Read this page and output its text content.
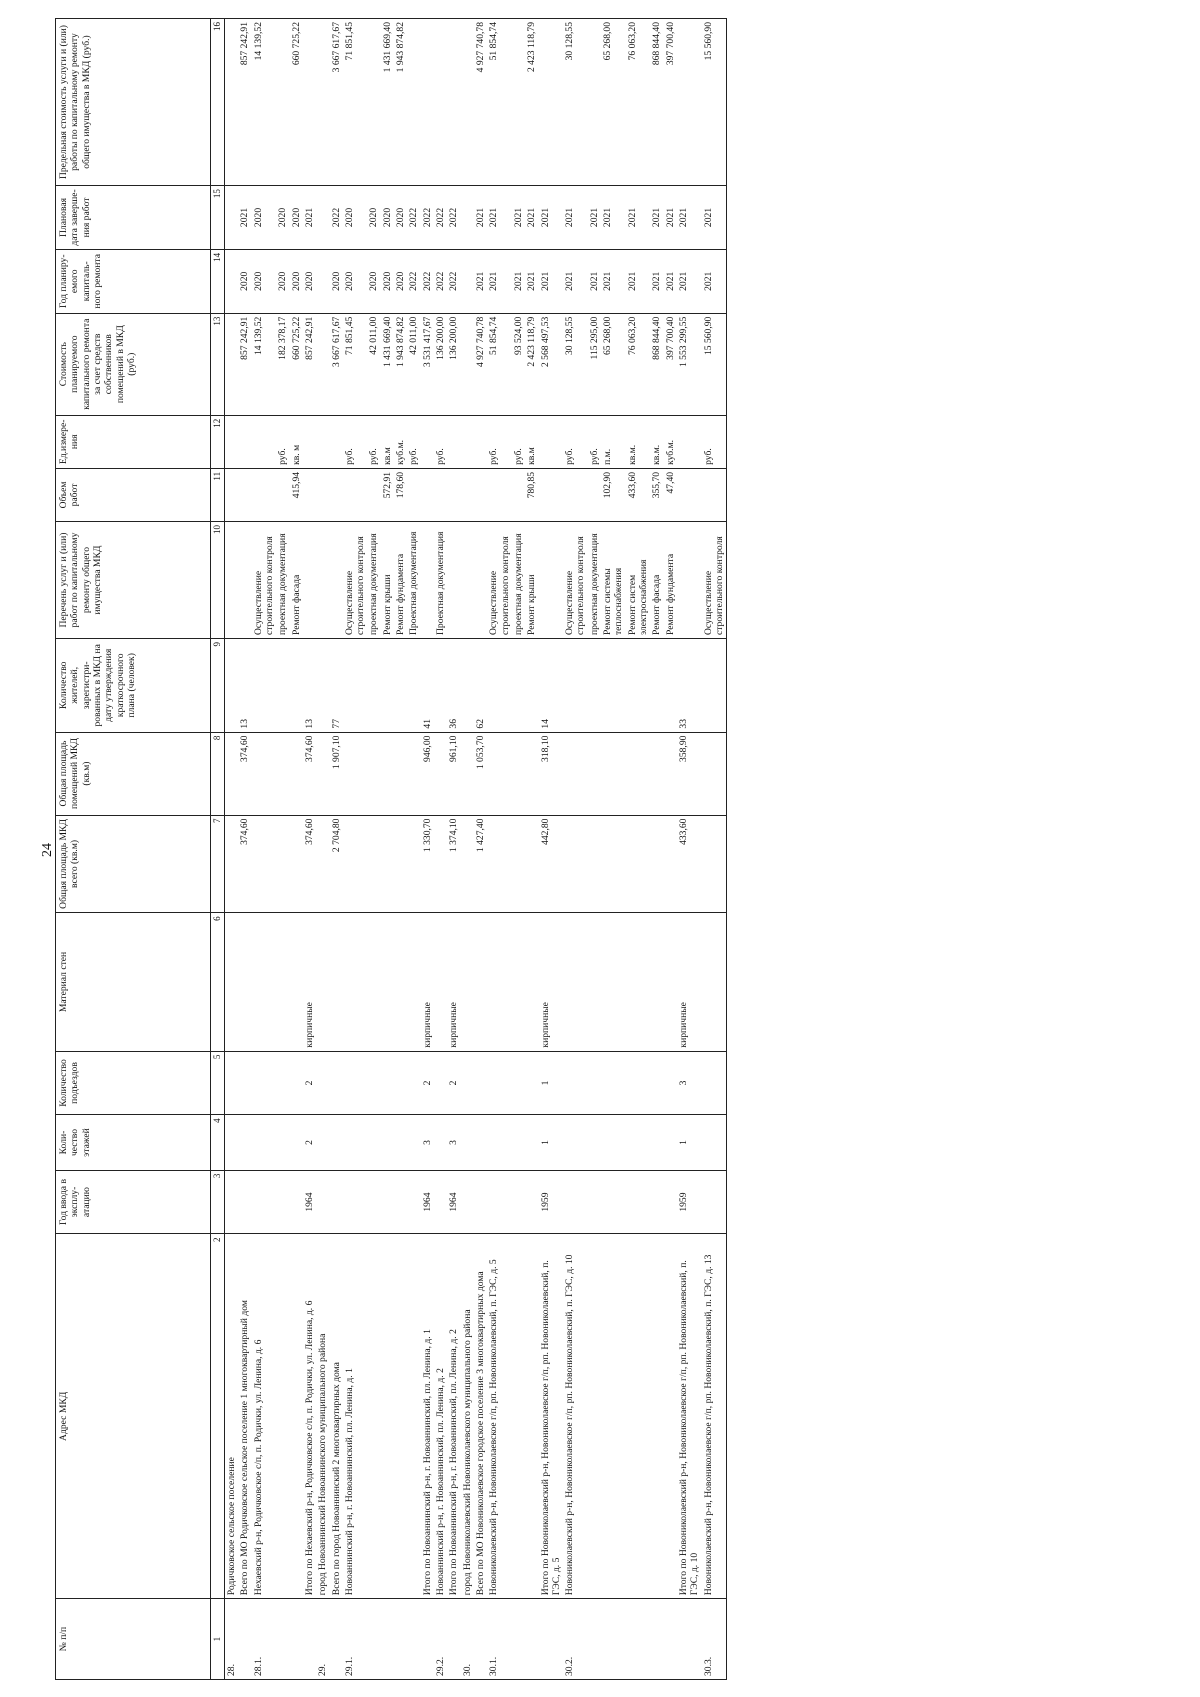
24
№ п/п	Адрес МКД	Год ввода в эксплу- атацию	Коли- чество этажей	Количество подъездов	Материал стен	Общая площадь МКД всего (кв.м)	Общая площадь помещений МКД (кв.м)	Количество жителей, зарегистри- рованных в МКД на дату утверждения краткосрочного плана (человек)	Перечень услуг и (или) работ по капитальному ремонту общего имущества МКД	Объем работ	Ед.измере- ния	Стоимость планируемого капитального ремонта за счет средств собственников помещений в МКД (руб.)	Год планиру- емого капиталь- ного ремонта	Плановая дата заверше- ния работ	Предельная стоимость услуги и (или) работы по капитальному ремонту общего имущества в МКД (руб.)
1	2	3	4	5	6	7	8	9	10	11	12	13	14	15	16
28.	Родичковское сельское поселение														
	Всего по МО Родичковское сельское поселение 1 многоквартирный дом					374,60	374,60	13				857 242,91	2020	2021	857 242,91
28.1.	Нехаевский р-н, Родичковское с/п, п. Родички, ул. Ленина, д. 6								Осуществление строительного контроля			14 139,52	2020	2020	14 139,52
									проектная документация		руб.	182 378,17	2020	2020	
									Ремонт фасада	415,94	кв. м	660 725,22	2020	2020	660 725,22
	Итого по Нехаевский р-н, Родичковское с/п, п. Родички, ул. Ленина, д. 6	1964	2	2	кирпичные	374,60	374,60	13				857 242,91	2020	2021	
29.	город Новоаннинский Новоаннинского муниципального района														
	Всего по город Новоаннинский 2 многоквартирных дома					2 704,80	1 907,10	77				3 667 617,67	2020	2022	3 667 617,67
29.1.	Новоаннинский р-н, г. Новоаннинский, пл. Ленина, д. 1								Осуществление строительного контроля		руб.	71 851,45	2020	2020	71 851,45
									проектная документация		руб.	42 011,00	2020	2020	
									Ремонт крыши	572,91	кв.м	1 431 669,40	2020	2020	1 431 669,40
									Ремонт фундамента	178,60	куб.м.	1 943 874,82	2020	2020	1 943 874,82
									Проектная документация		руб.	42 011,00	2022	2022	
	Итого по Новоаннинский р-н, г. Новоаннинский, пл. Ленина, д. 1	1964	3	2	кирпичные	1 330,70	946,00	41				3 531 417,67	2022	2022	
29.2.	Новоаннинский р-н, г. Новоаннинский, пл. Ленина, д. 2								Проектная документация		руб.	136 200,00	2022	2022	
	Итого по Новоаннинский р-н, г. Новоаннинский, пл. Ленина, д. 2	1964	3	2	кирпичные	1 374,10	961,10	36				136 200,00	2022	2022	
30.	город Новониколаевский Новониколаевского муниципального района														
	Всего по МО Новониколаевское городское поселение 3 многоквартирных дома					1 427,40	1 053,70	62				4 927 740,78	2021	2021	4 927 740,78
30.1.	Новониколаевский р-н, Новониколаевское г/п, рп. Новониколаевский, п. ГЭС, д. 5								Осуществление строительного контроля		руб.	51 854,74	2021	2021	51 854,74
									проектная документация		руб.	93 524,00	2021	2021	
									Ремонт крыши	780,85	кв.м	2 423 118,79	2021	2021	2 423 118,79
	Итого по Новониколаевский р-н, Новониколаевское г/п, рп. Новониколаевский, п. ГЭС, д. 5	1959	1	1	кирпичные	442,80	318,10	14				2 568 497,53	2021	2021	
30.2.	Новониколаевский р-н, Новониколаевское г/п, рп. Новониколаевский, п. ГЭС, д. 10								Осуществление строительного контроля		руб.	30 128,55	2021	2021	30 128,55
									проектная документация		руб.	115 295,00	2021	2021	
									Ремонт системы теплоснабжения	102,90	п.м.	65 268,00	2021	2021	65 268,00
									Ремонт систем электроснабжения	433,60	кв.м.	76 063,20	2021	2021	76 063,20
									Ремонт фасада	355,70	кв.м.	868 844,40	2021	2021	868 844,40
									Ремонт фундамента	47,40	куб.м.	397 700,40	2021	2021	397 700,40
	Итого по Новониколаевский р-н, Новониколаевское г/п, рп. Новониколаевский, п. ГЭС, д. 10	1959	1	3	кирпичные	433,60	358,90	33				1 553 299,55	2021	2021	
30.3.	Новониколаевский р-н, Новониколаевское г/п, рп. Новониколаевский, п. ГЭС, д. 13								Осуществление строительного контроля		руб.	15 560,90	2021	2021	15 560,90
